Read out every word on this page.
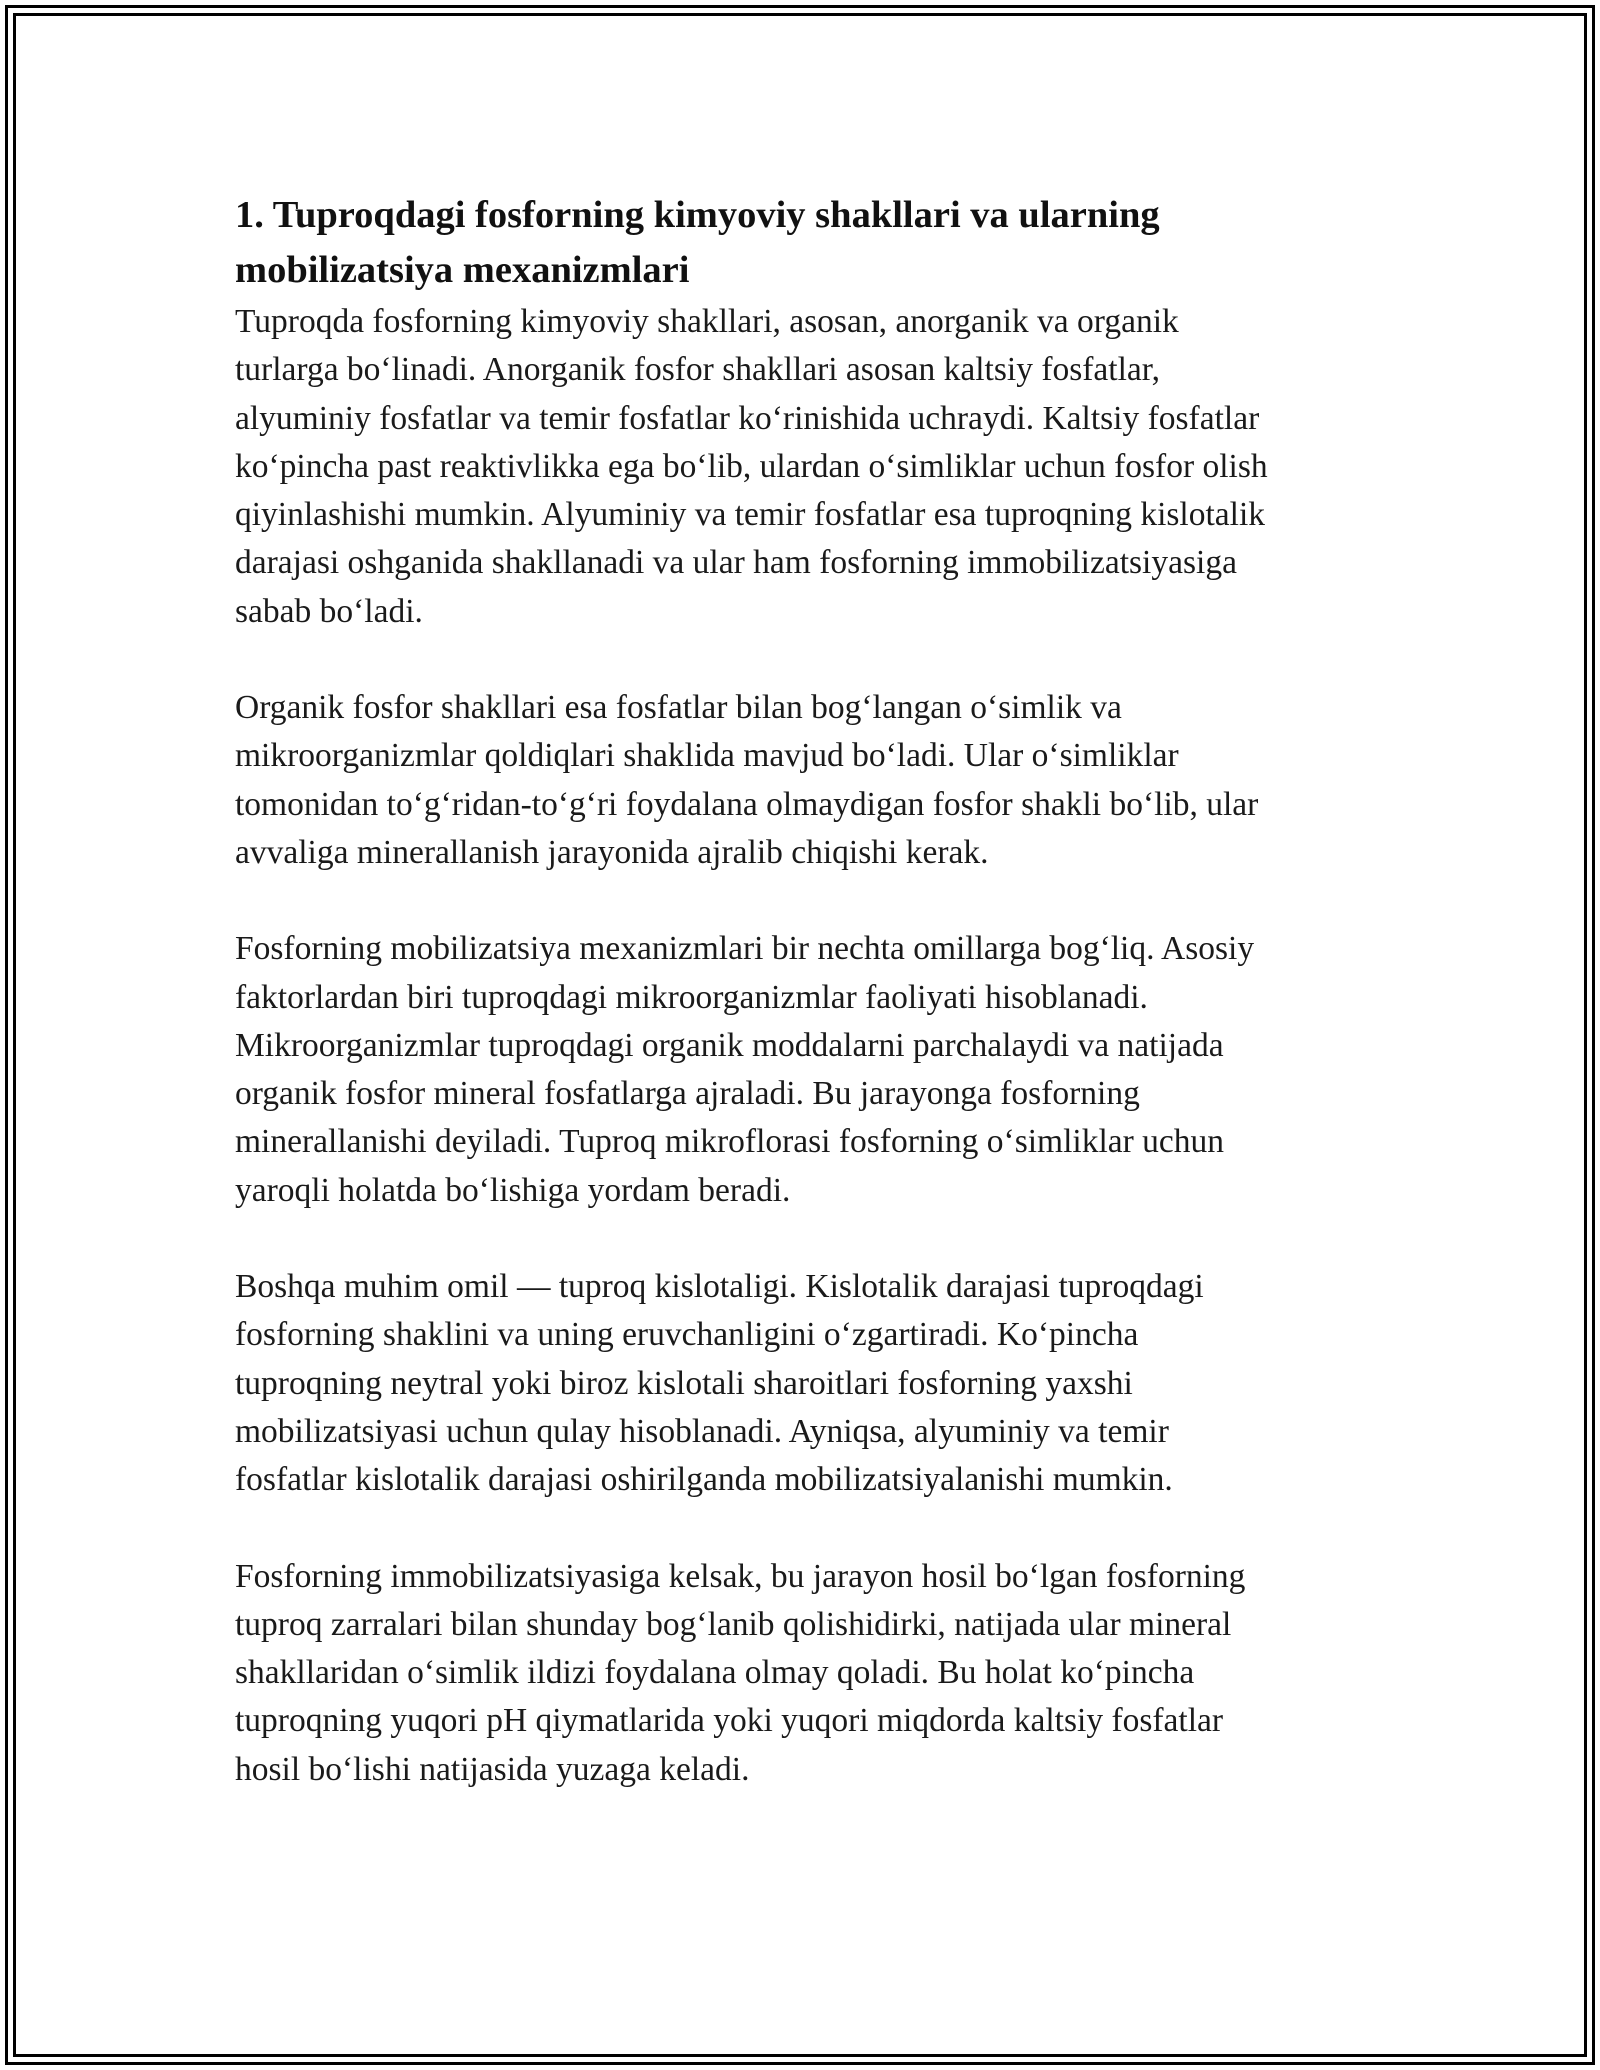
1. Tuproqdagi fosforning kimyoviy shakllari va ularning
mobilizatsiya mexanizmlari

Tuproqda fosforning kimyoviy shakllari, asosan, anorganik va organik
turlarga bo‘linadi. Anorganik fosfor shakllari asosan kaltsiy fosfatlar,
alyuminiy fosfatlar va temir fosfatlar ko‘rinishida uchraydi. Kaltsiy fosfatlar
ko‘pincha past reaktivlikka ega bo‘lib, ulardan o‘simliklar uchun fosfor olish
qiyinlashishi mumkin. Alyuminiy va temir fosfatlar esa tuproqning kislotalik
darajasi oshganida shakllanadi va ular ham fosforning immobilizatsiyasiga
sabab bo‘ladi.

Organik fosfor shakllari esa fosfatlar bilan bog‘langan o‘simlik va
mikroorganizmlar qoldiqlari shaklida mavjud bo‘ladi. Ular o‘simliklar
tomonidan to‘g‘ridan-to‘g‘ri foydalana olmaydigan fosfor shakli bo‘lib, ular
avvaliga minerallanish jarayonida ajralib chiqishi kerak.

Fosforning mobilizatsiya mexanizmlari bir nechta omillarga bog‘liq. Asosiy
faktorlardan biri tuproqdagi mikroorganizmlar faoliyati hisoblanadi.
Mikroorganizmlar tuproqdagi organik moddalarni parchalaydi va natijada
organik fosfor mineral fosfatlarga ajraladi. Bu jarayonga fosforning
minerallanishi deyiladi. Tuproq mikroflorasi fosforning o‘simliklar uchun
yaroqli holatda bo‘lishiga yordam beradi.

Boshqa muhim omil — tuproq kislotaligi. Kislotalik darajasi tuproqdagi
fosforning shaklini va uning eruvchanligini o‘zgartiradi. Ko‘pincha
tuproqning neytral yoki biroz kislotali sharoitlari fosforning yaxshi
mobilizatsiyasi uchun qulay hisoblanadi. Ayniqsa, alyuminiy va temir
fosfatlar kislotalik darajasi oshirilganda mobilizatsiyalanishi mumkin.

Fosforning immobilizatsiyasiga kelsak, bu jarayon hosil bo‘lgan fosforning
tuproq zarralari bilan shunday bog‘lanib qolishidirki, natijada ular mineral
shakllaridan o‘simlik ildizi foydalana olmay qoladi. Bu holat ko‘pincha
tuproqning yuqori pH qiymatlarida yoki yuqori miqdorda kaltsiy fosfatlar
hosil bo‘lishi natijasida yuzaga keladi.
